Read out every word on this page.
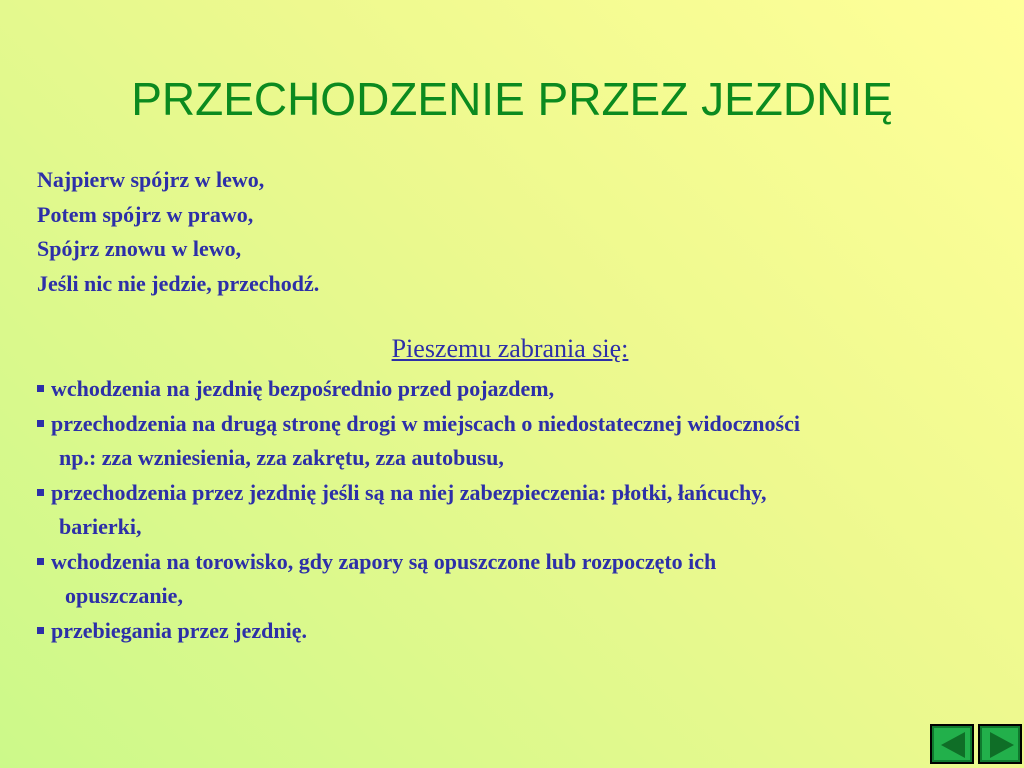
PRZECHODZENIE PRZEZ JEZDNIĘ
Najpierw spójrz w lewo,
Potem spójrz w prawo,
Spójrz znowu w lewo,
Jeśli nic nie jedzie, przechodź.
Pieszemu zabrania się:
wchodzenia na jezdnię bezpośrednio przed pojazdem,
przechodzenia na drugą stronę drogi w miejscach o niedostatecznej widoczności
np.: zza wzniesienia, zza zakrętu, zza autobusu,
przechodzenia przez jezdnię jeśli są na niej zabezpieczenia: płotki, łańcuchy,
barierki,
wchodzenia na torowisko, gdy zapory są opuszczone lub rozpoczęto ich
opuszczanie,
przebiegania przez jezdnię.
